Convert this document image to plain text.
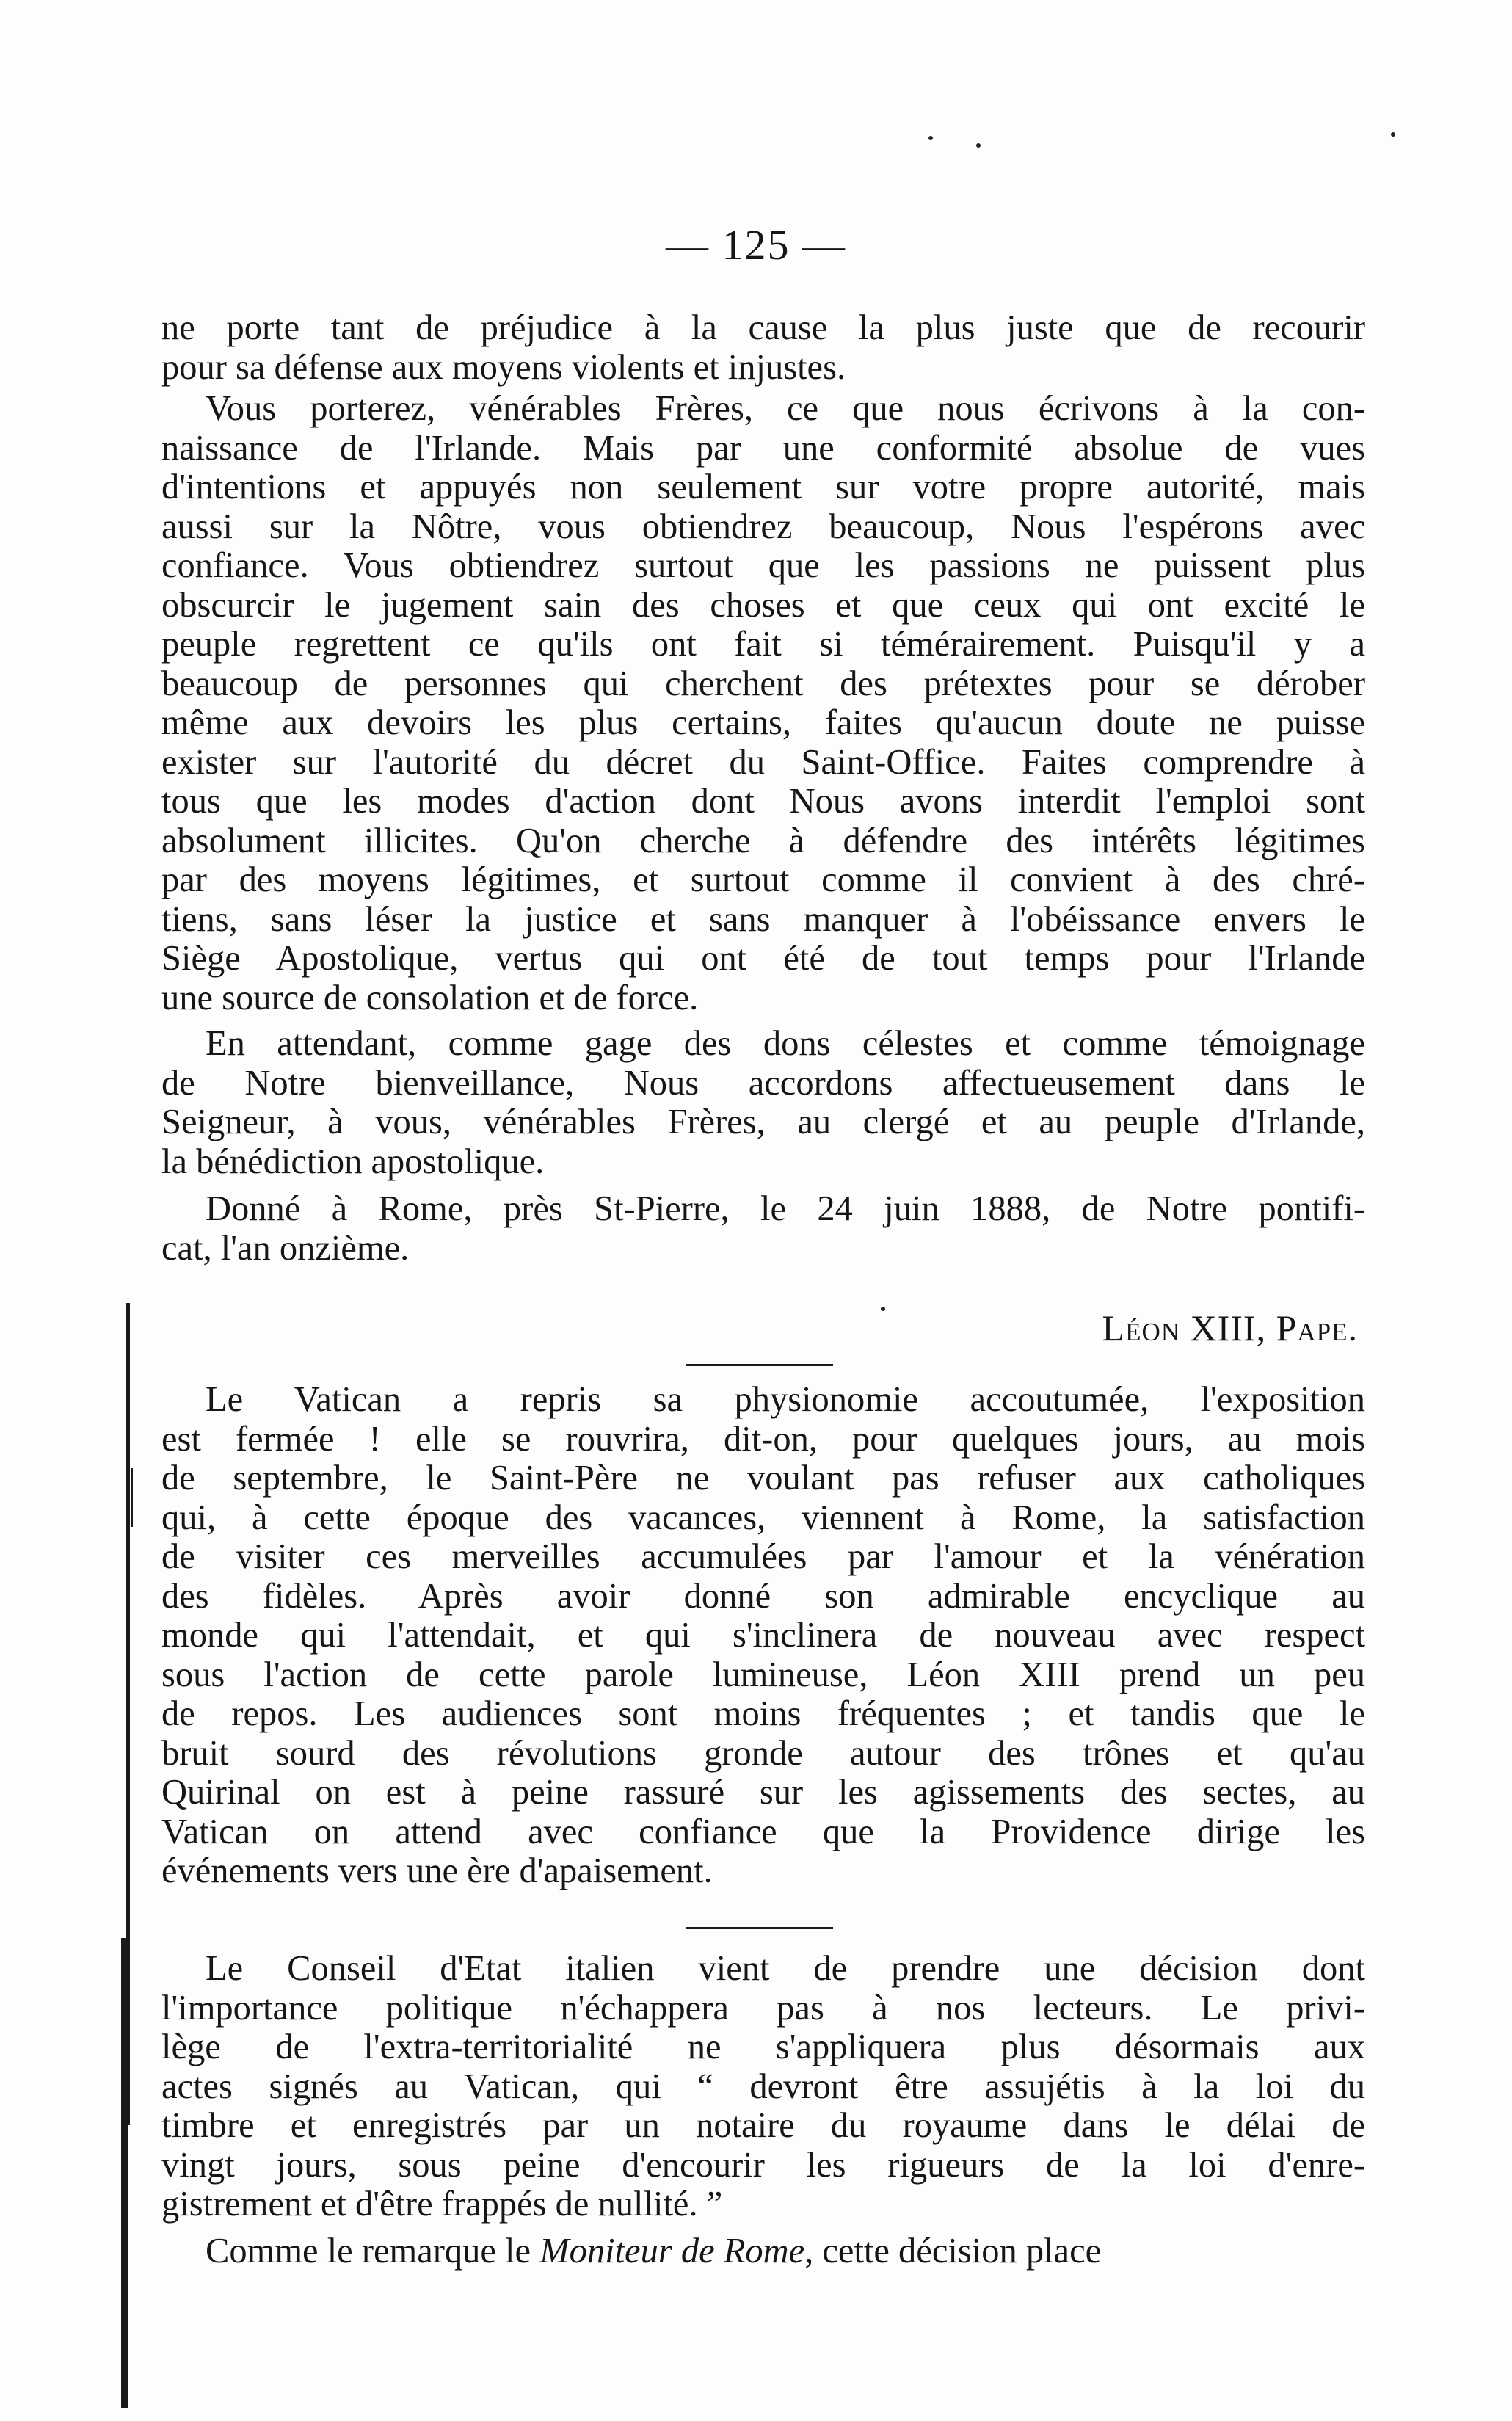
— 125 —
ne porte tant de préjudice à la cause la plus juste que de recourir
pour sa défense aux moyens violents et injustes.
Vous porterez, vénérables Frères, ce que nous écrivons à la con-
naissance de l'Irlande. Mais par une conformité absolue de vues
d'intentions et appuyés non seulement sur votre propre autorité, mais
aussi sur la Nôtre, vous obtiendrez beaucoup, Nous l'espérons avec
confiance. Vous obtiendrez surtout que les passions ne puissent plus
obscurcir le jugement sain des choses et que ceux qui ont excité le
peuple regrettent ce qu'ils ont fait si témérairement. Puisqu'il y a
beaucoup de personnes qui cherchent des prétextes pour se dérober
même aux devoirs les plus certains, faites qu'aucun doute ne puisse
exister sur l'autorité du décret du Saint-Office. Faites comprendre à
tous que les modes d'action dont Nous avons interdit l'emploi sont
absolument illicites. Qu'on cherche à défendre des intérêts légitimes
par des moyens légitimes, et surtout comme il convient à des chré-
tiens, sans léser la justice et sans manquer à l'obéissance envers le
Siège Apostolique, vertus qui ont été de tout temps pour l'Irlande
une source de consolation et de force.
En attendant, comme gage des dons célestes et comme témoignage
de Notre bienveillance, Nous accordons affectueusement dans le
Seigneur, à vous, vénérables Frères, au clergé et au peuple d'Irlande,
la bénédiction apostolique.
Donné à Rome, près St-Pierre, le 24 juin 1888, de Notre pontifi-
cat, l'an onzième.
Léon XIII, Pape.
Le Vatican a repris sa physionomie accoutumée, l'exposition
est fermée ! elle se rouvrira, dit-on, pour quelques jours, au mois
de septembre, le Saint-Père ne voulant pas refuser aux catholiques
qui, à cette époque des vacances, viennent à Rome, la satisfaction
de visiter ces merveilles accumulées par l'amour et la vénération
des fidèles. Après avoir donné son admirable encyclique au
monde qui l'attendait, et qui s'inclinera de nouveau avec respect
sous l'action de cette parole lumineuse, Léon XIII prend un peu
de repos. Les audiences sont moins fréquentes ; et tandis que le
bruit sourd des révolutions gronde autour des trônes et qu'au
Quirinal on est à peine rassuré sur les agissements des sectes, au
Vatican on attend avec confiance que la Providence dirige les
événements vers une ère d'apaisement.
Le Conseil d'Etat italien vient de prendre une décision dont
l'importance politique n'échappera pas à nos lecteurs. Le privi-
lège de l'extra-territorialité ne s'appliquera plus désormais aux
actes signés au Vatican, qui “ devront être assujétis à la loi du
timbre et enregistrés par un notaire du royaume dans le délai de
vingt jours, sous peine d'encourir les rigueurs de la loi d'enre-
gistrement et d'être frappés de nullité. ”
Comme le remarque le Moniteur de Rome, cette décision place
